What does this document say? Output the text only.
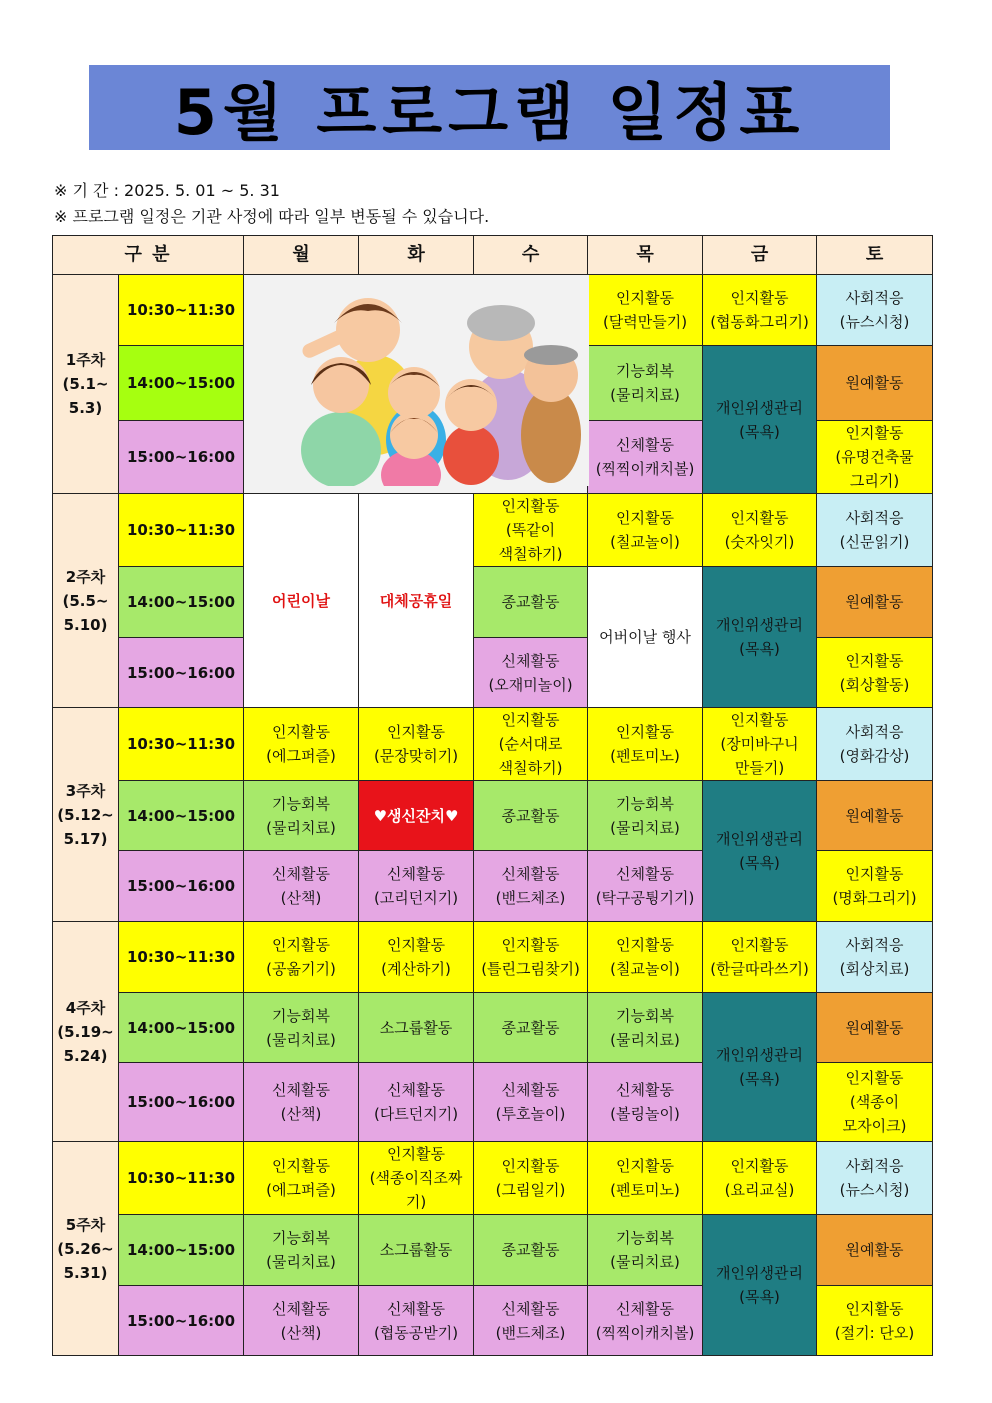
5월 프로그램 일정표
※ 기 간 : 2025. 5. 01 ~ 5. 31
※ 프로그램 일정은 기관 사정에 따라 일부 변동될 수 있습니다.
구 분		월	화	수	목	금	토

1주차
(5.1~
5.3)	10:30~11:30				인지활동
(달력만들기)	인지활동
(협동화그리기)	사회적응
(뉴스시청)

	14:00~15:00				기능회복
(물리치료)	개인위생관리
(목욕)	원예활동

	15:00~16:00				신체활동
(찍찍이캐치볼)		인지활동
(유명건축물
그리기)

2주차
(5.5~
5.10)	10:30~11:30	어린이날	대체공휴일	인지활동
(똑같이
색칠하기)	인지활동
(칠교놀이)	인지활동
(숫자잇기)	사회적응
(신문읽기)

	14:00~15:00			종교활동	어버이날 행사	개인위생관리
(목욕)	원예활동

	15:00~16:00			신체활동
(오재미놀이)			인지활동
(회상활동)

3주차
(5.12~
5.17)	10:30~11:30	인지활동
(에그퍼즐)	인지활동
(문장맞히기)	인지활동
(순서대로
색칠하기)	인지활동
(펜토미노)	인지활동
(장미바구니
만들기)	사회적응
(영화감상)

	14:00~15:00	기능회복
(물리치료)	♥생신잔치♥	종교활동	기능회복
(물리치료)	개인위생관리
(목욕)	원예활동

	15:00~16:00	신체활동
(산책)	신체활동
(고리던지기)	신체활동
(밴드체조)	신체활동
(탁구공튕기기)		인지활동
(명화그리기)

4주차
(5.19~
5.24)	10:30~11:30	인지활동
(공옮기기)	인지활동
(계산하기)	인지활동
(틀린그림찾기)	인지활동
(칠교놀이)	인지활동
(한글따라쓰기)	사회적응
(회상치료)

	14:00~15:00	기능회복
(물리치료)	소그룹활동	종교활동	기능회복
(물리치료)	개인위생관리
(목욕)	원예활동

	15:00~16:00	신체활동
(산책)	신체활동
(다트던지기)	신체활동
(투호놀이)	신체활동
(볼링놀이)		인지활동
(색종이
모자이크)

5주차
(5.26~
5.31)	10:30~11:30	인지활동
(에그퍼즐)	인지활동
(색종이직조짜기)	인지활동
(그림일기)	인지활동
(펜토미노)	인지활동
(요리교실)	사회적응
(뉴스시청)

	14:00~15:00	기능회복
(물리치료)	소그룹활동	종교활동	기능회복
(물리치료)	개인위생관리
(목욕)	원예활동

	15:00~16:00	신체활동
(산책)	신체활동
(협동공받기)	신체활동
(밴드체조)	신체활동
(찍찍이캐치볼)		인지활동
(절기: 단오)
